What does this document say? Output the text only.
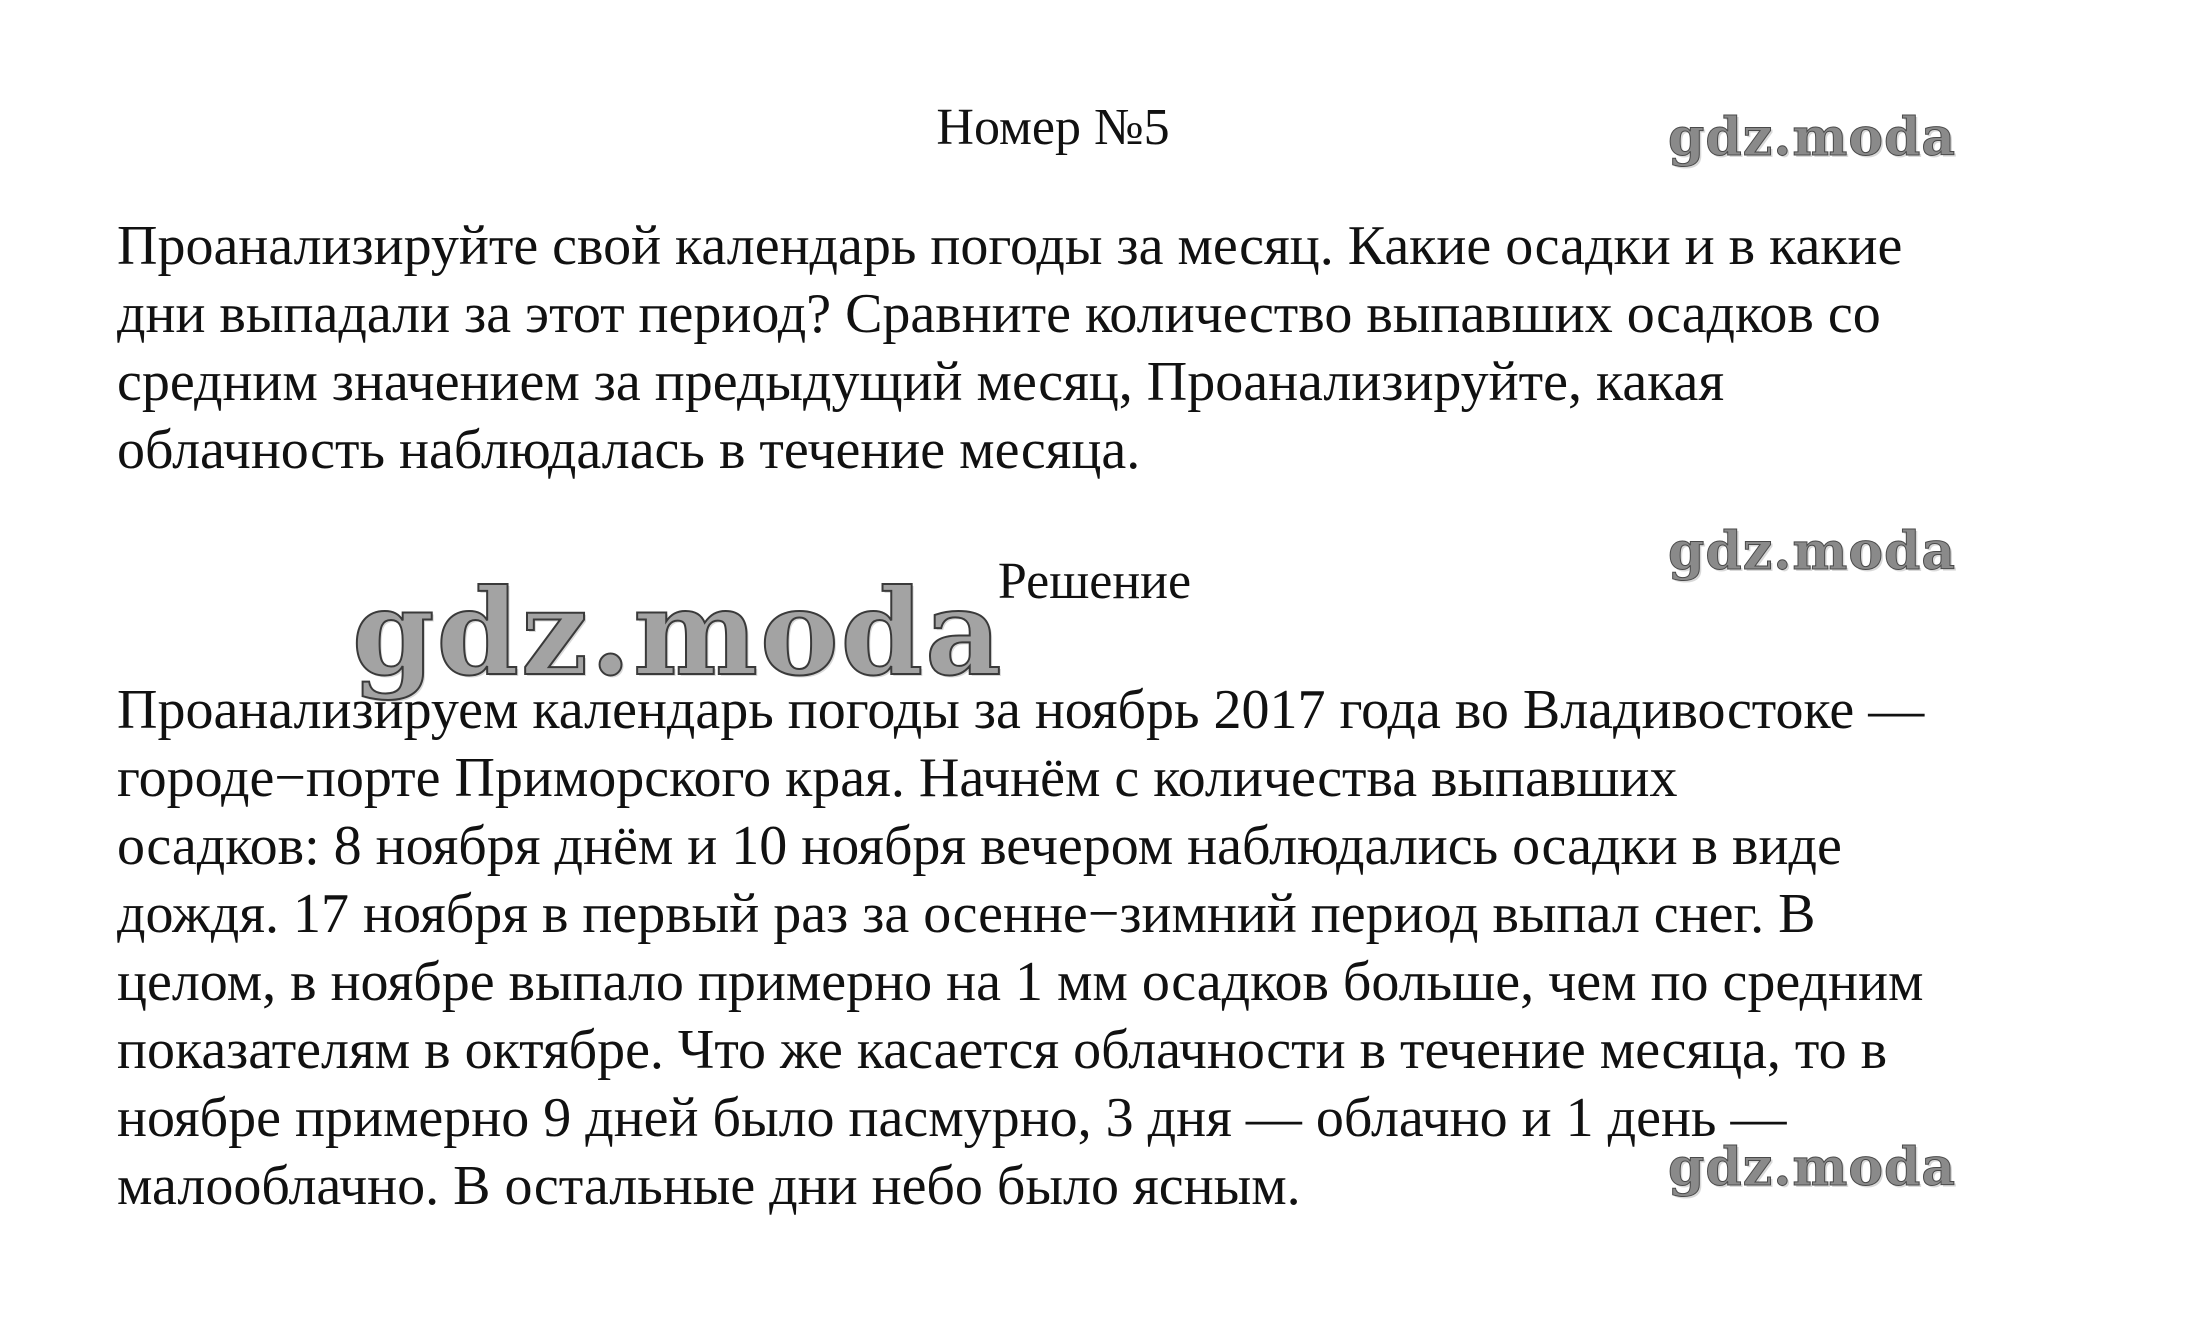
Номер №5
Проанализируйте свой календарь погоды за месяц. Какие осадки и в какие
дни выпадали за этот период? Сравните количество выпавших осадков со
средним значением за предыдущий месяц, Проанализируйте, какая
облачность наблюдалась в течение месяца.
Решение
Проанализируем календарь погоды за ноябрь 2017 года во Владивостоке —
городе−порте Приморского края. Начнём с количества выпавших
осадков: 8 ноября днём и 10 ноября вечером наблюдались осадки в виде
дождя. 17 ноября в первый раз за осенне−зимний период выпал снег. В
целом, в ноябре выпало примерно на 1 мм осадков больше, чем по средним
показателям в октябре. Что же касается облачности в течение месяца, то в
ноябре примерно 9 дней было пасмурно, 3 дня — облачно и 1 день —
малооблачно. В остальные дни небо было ясным.
gdz.moda
gdz.moda
gdz.moda
gdz.moda
